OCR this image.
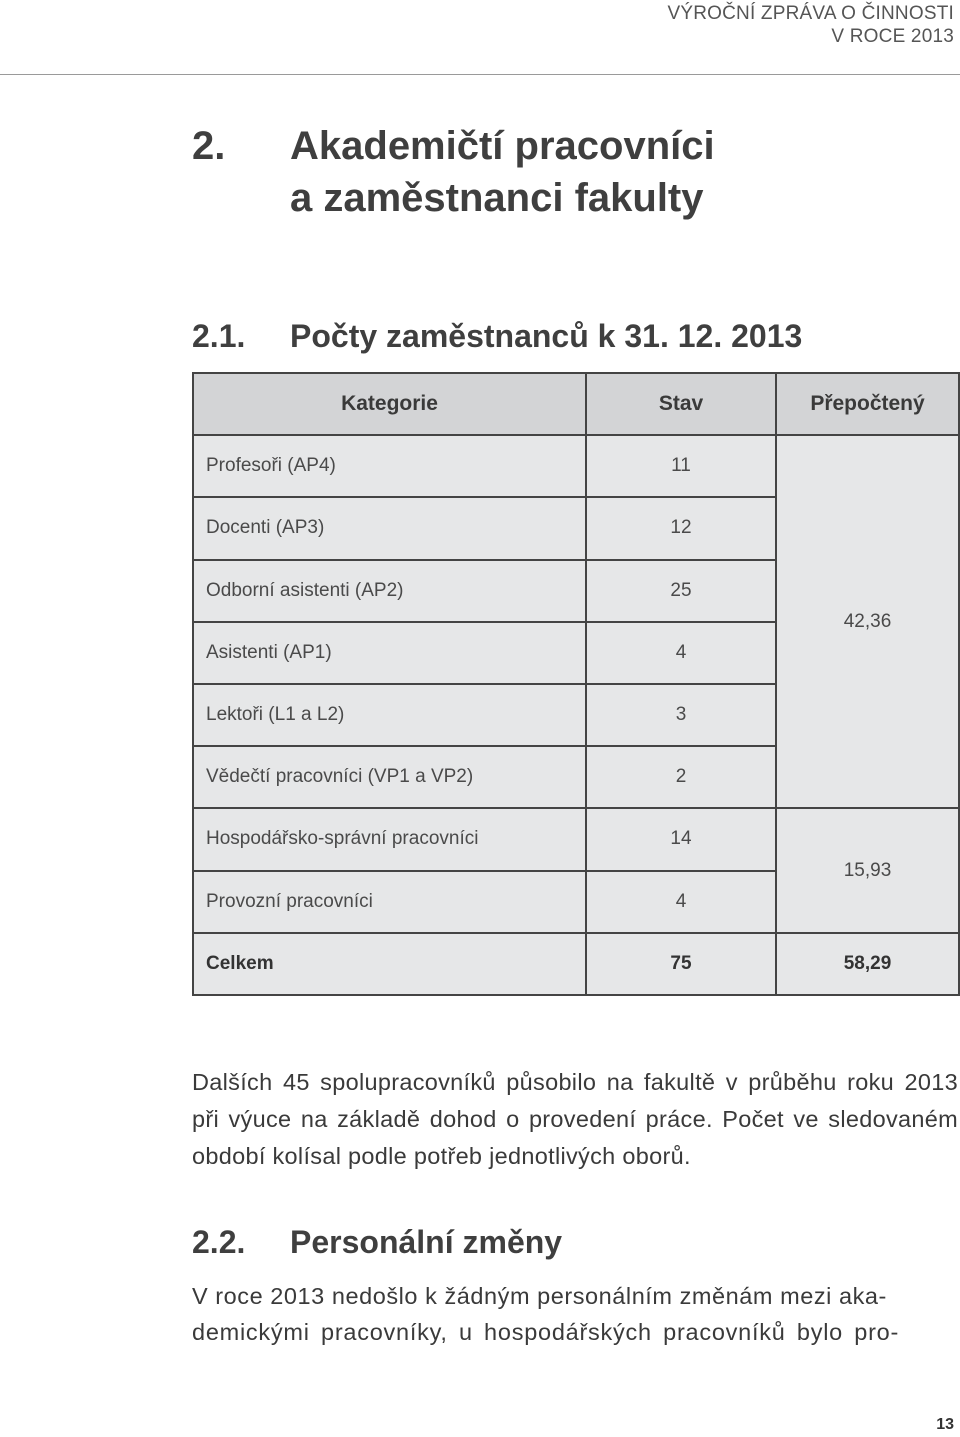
VÝROČNÍ ZPRÁVA O ČINNOSTI
V ROCE 2013
2. Akademičtí pracovníci
a zaměstnanci fakulty
2.1. Počty zaměstnanců k 31. 12. 2013
Kategorie	Stav	Přepočtený
Profesoři (AP4)	11	42,36
Docenti (AP3)	12	
Odborní asistenti (AP2)	25	
Asistenti (AP1)	4	
Lektoři (L1 a L2)	3	
Vědečtí pracovníci (VP1 a VP2)	2	
Hospodářsko-správní pracovníci	14	15,93
Provozní pracovníci	4	
Celkem	75	58,29
Dalších 45 spolupracovníků působilo na fakultě v průběhu roku 2013 při výuce na základě dohod o provedení práce. Počet ve sledovaném období kolísal podle potřeb jednotlivých oborů.
2.2. Personální změny
V roce 2013 nedošlo k žádným personálním změnám mezi aka-
demickými pracovníky, u hospodářských pracovníků bylo pro-
13
